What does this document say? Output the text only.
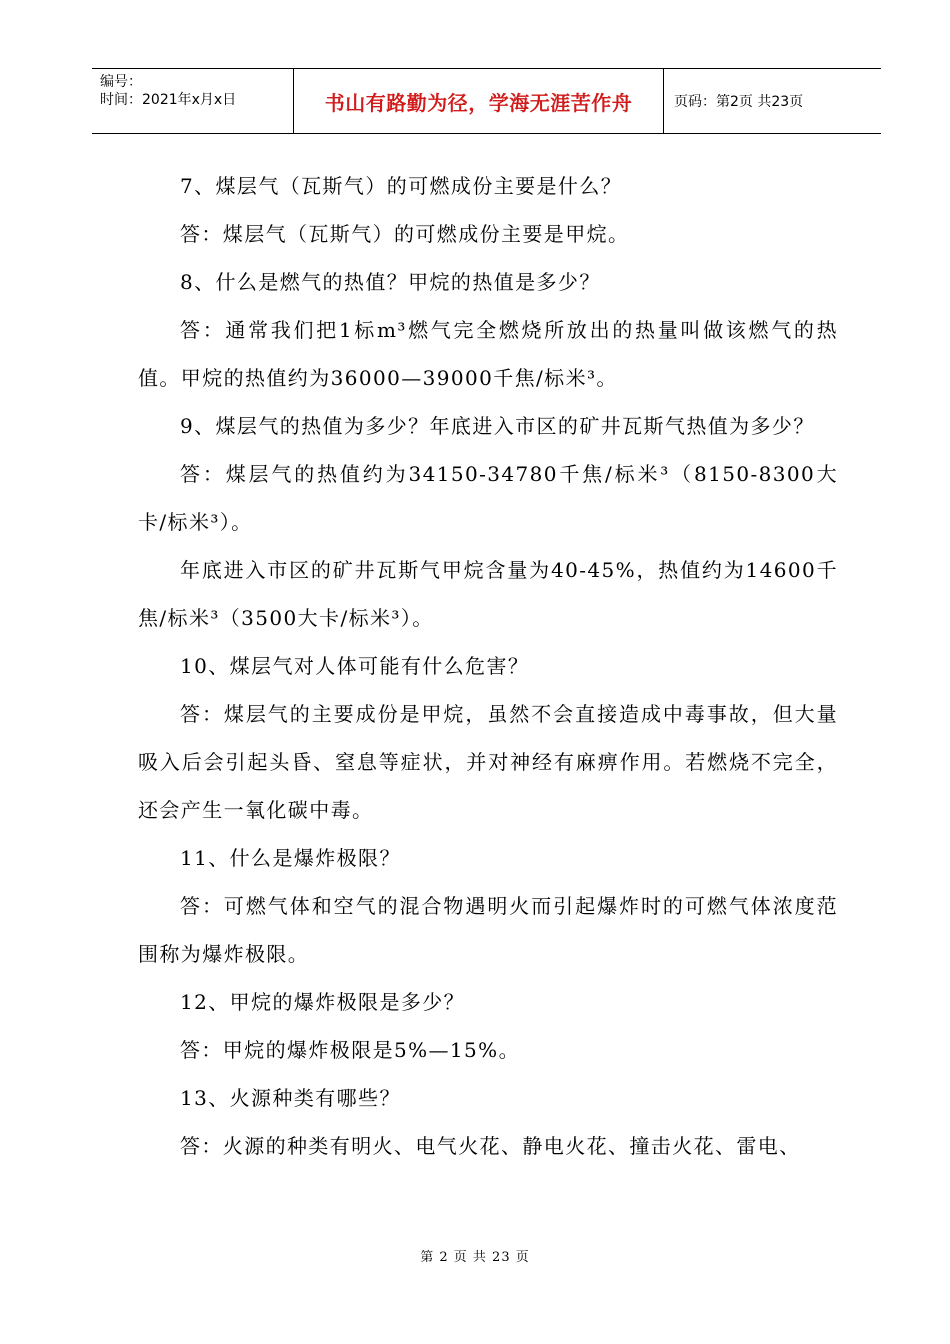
编号：
时间：2021年x月x日	书山有路勤为径，学海无涯苦作舟	页码：第2页 共23页

7、煤层气（瓦斯气）的可燃成份主要是什么？

答：煤层气（瓦斯气）的可燃成份主要是甲烷。

8、什么是燃气的热值？甲烷的热值是多少？

答：通常我们把1标m³燃气完全燃烧所放出的热量叫做该燃气的热值。甲烷的热值约为36000—39000千焦/标米³。

9、煤层气的热值为多少？年底进入市区的矿井瓦斯气热值为多少？

答：煤层气的热值约为34150-34780千焦/标米³（8150-8300大卡/标米³）。

年底进入市区的矿井瓦斯气甲烷含量为40-45%，热值约为14600千焦/标米³（3500大卡/标米³）。

10、煤层气对人体可能有什么危害？

答：煤层气的主要成份是甲烷，虽然不会直接造成中毒事故，但大量吸入后会引起头昏、窒息等症状，并对神经有麻痹作用。若燃烧不完全，还会产生一氧化碳中毒。

11、什么是爆炸极限？

答：可燃气体和空气的混合物遇明火而引起爆炸时的可燃气体浓度范围称为爆炸极限。

12、甲烷的爆炸极限是多少？

答：甲烷的爆炸极限是5%—15%。

13、火源种类有哪些？

答：火源的种类有明火、电气火花、静电火花、撞击火花、雷电、

第 2 页 共 23 页
